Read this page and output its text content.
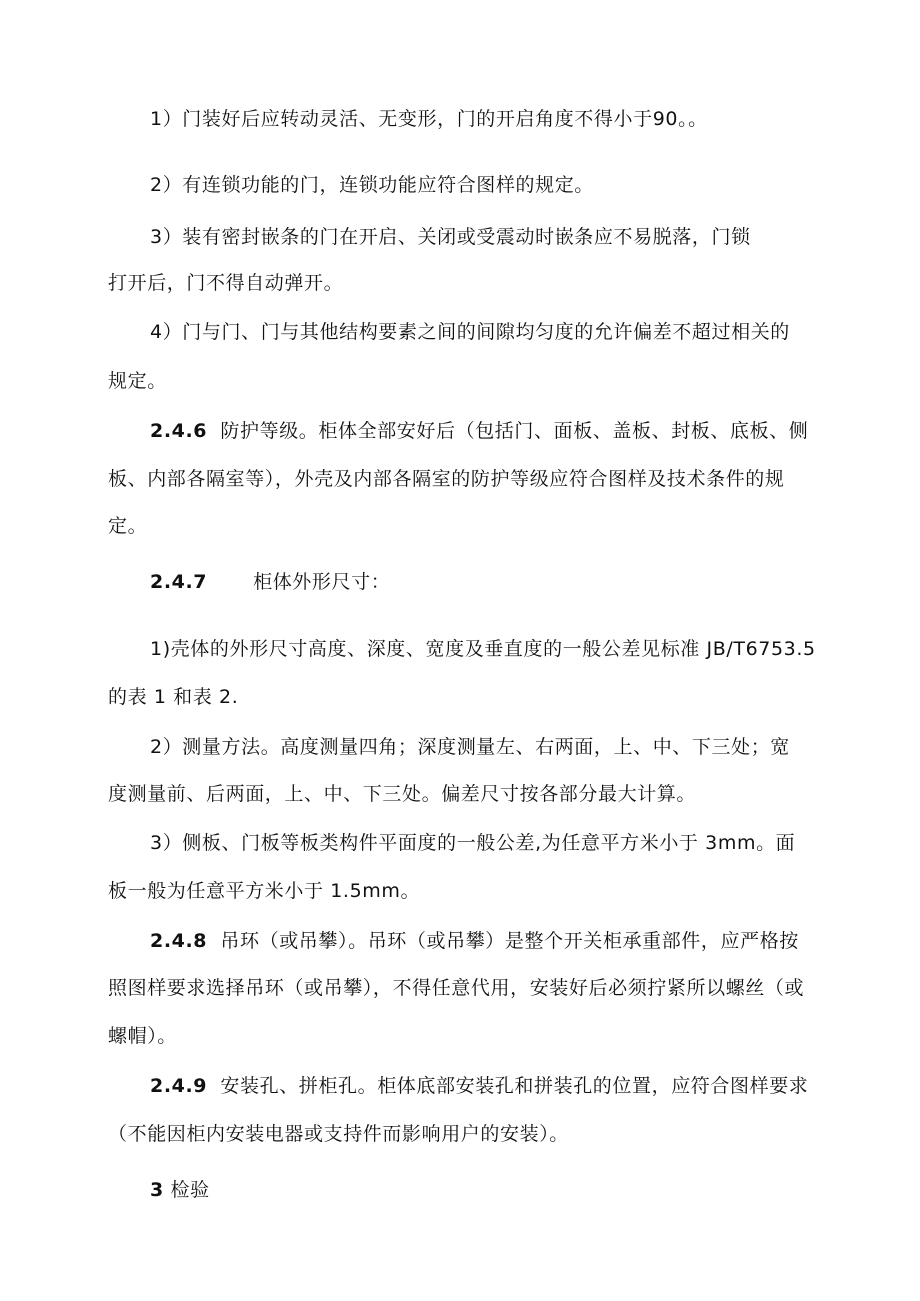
1）门装好后应转动灵活、无变形，门的开启角度不得小于90。。
2）有连锁功能的门，连锁功能应符合图样的规定。
3）装有密封嵌条的门在开启、关闭或受震动时嵌条应不易脱落，门锁
打开后，门不得自动弹开。
4）门与门、门与其他结构要素之间的间隙均匀度的允许偏差不超过相关的
规定。
2.4.6 防护等级。柜体全部安好后（包括门、面板、盖板、封板、底板、侧
板、内部各隔室等），外壳及内部各隔室的防护等级应符合图样及技术条件的规
定。
2.4.7 柜体外形尺寸：
1)壳体的外形尺寸高度、深度、宽度及垂直度的一般公差见标准 JB/T6753.5
的表 1 和表 2.
2）测量方法。高度测量四角；深度测量左、右两面，上、中、下三处；宽
度测量前、后两面，上、中、下三处。偏差尺寸按各部分最大计算。
3）侧板、门板等板类构件平面度的一般公差,为任意平方米小于 3mm。面
板一般为任意平方米小于 1.5mm。
2.4.8 吊环（或吊攀）。吊环（或吊攀）是整个开关柜承重部件，应严格按
照图样要求选择吊环（或吊攀），不得任意代用，安装好后必须拧紧所以螺丝（或
螺帽）。
2.4.9 安装孔、拼柜孔。柜体底部安装孔和拼装孔的位置，应符合图样要求
（不能因柜内安装电器或支持件而影响用户的安装）。
3 检验
